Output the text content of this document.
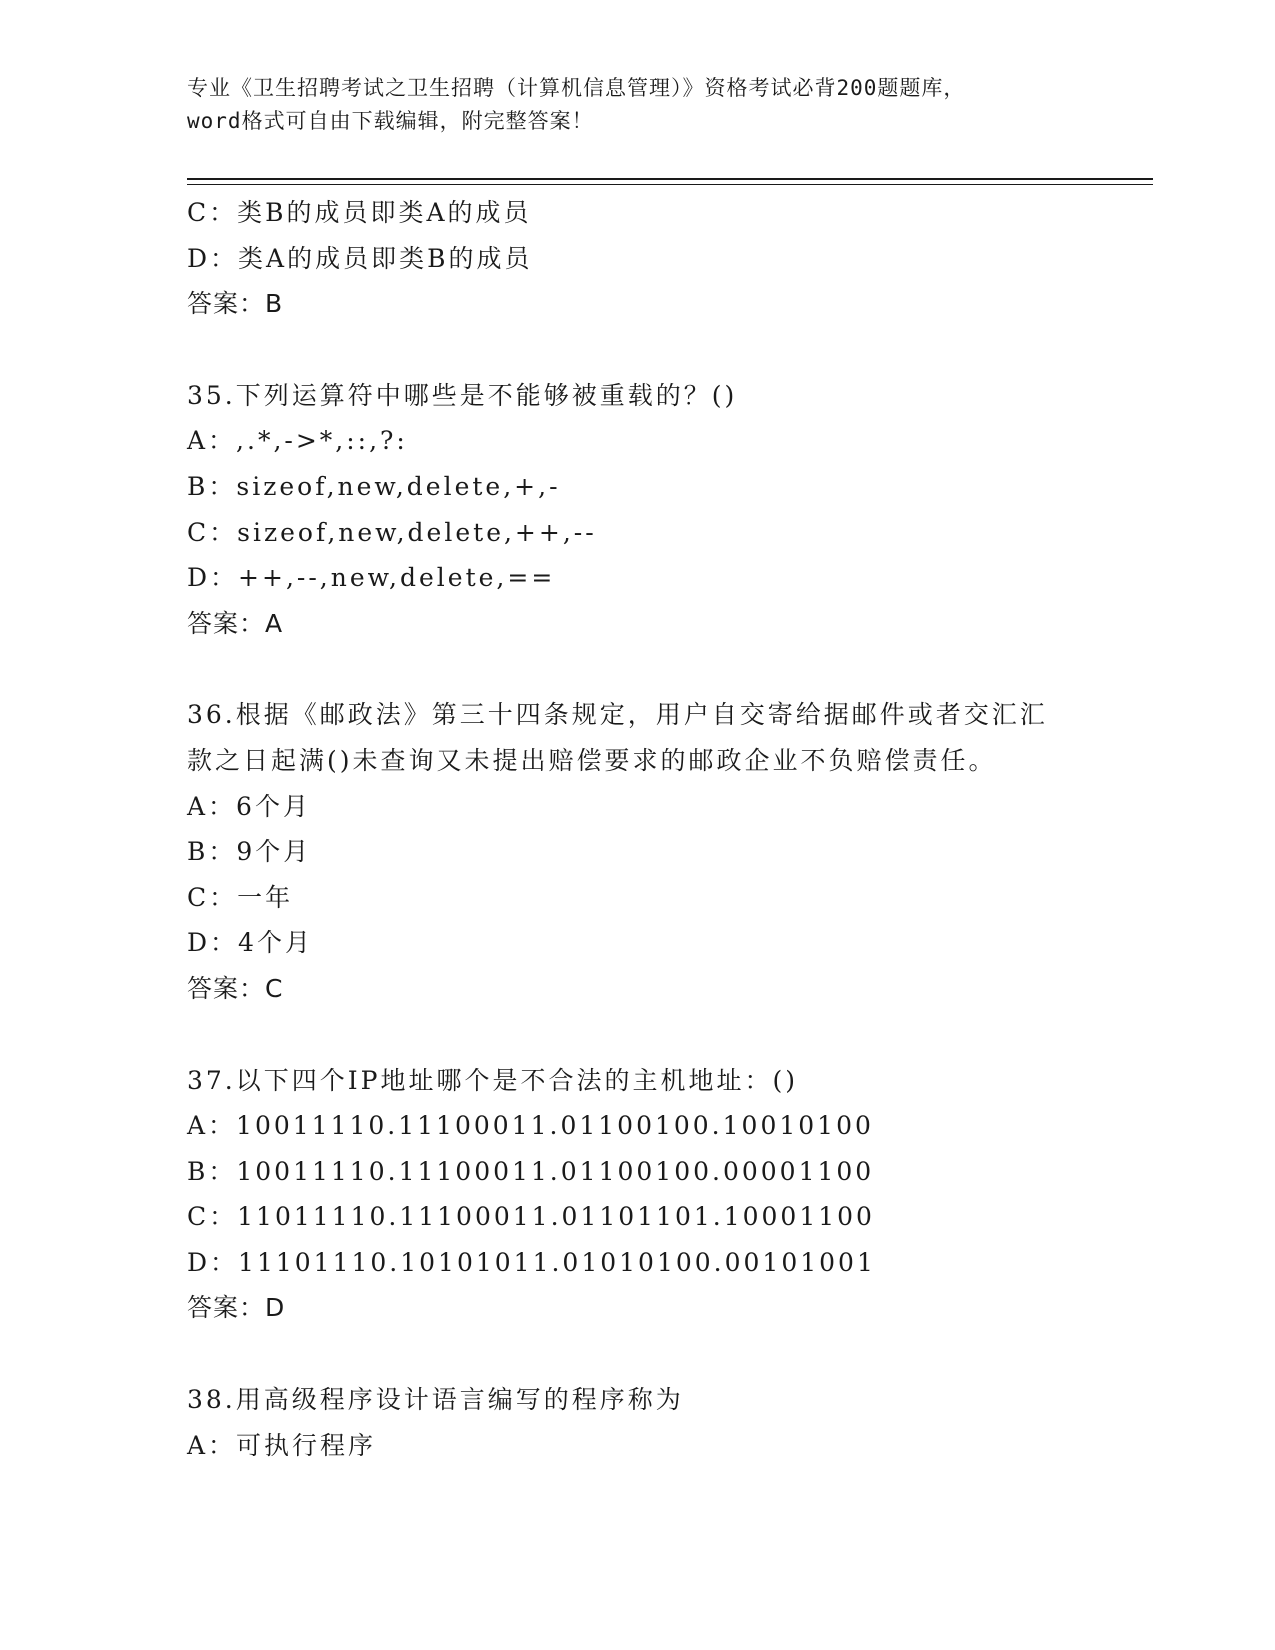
专业《卫生招聘考试之卫生招聘（计算机信息管理）》资格考试必背200题题库，
word格式可自由下载编辑，附完整答案！
C：类B的成员即类A的成员
D：类A的成员即类B的成员
答案：B
35.下列运算符中哪些是不能够被重载的？()
A：,.*,->*,::,?:
B：sizeof,new,delete,+,-
C：sizeof,new,delete,++,--
D：++,--,new,delete,==
答案：A
36.根据《邮政法》第三十四条规定，用户自交寄给据邮件或者交汇汇
款之日起满()未查询又未提出赔偿要求的邮政企业不负赔偿责任。
A：6个月
B：9个月
C：一年
D：4个月
答案：C
37.以下四个IP地址哪个是不合法的主机地址：()
A：10011110.11100011.01100100.10010100
B：10011110.11100011.01100100.00001100
C：11011110.11100011.01101101.10001100
D：11101110.10101011.01010100.00101001
答案：D
38.用高级程序设计语言编写的程序称为
A：可执行程序
